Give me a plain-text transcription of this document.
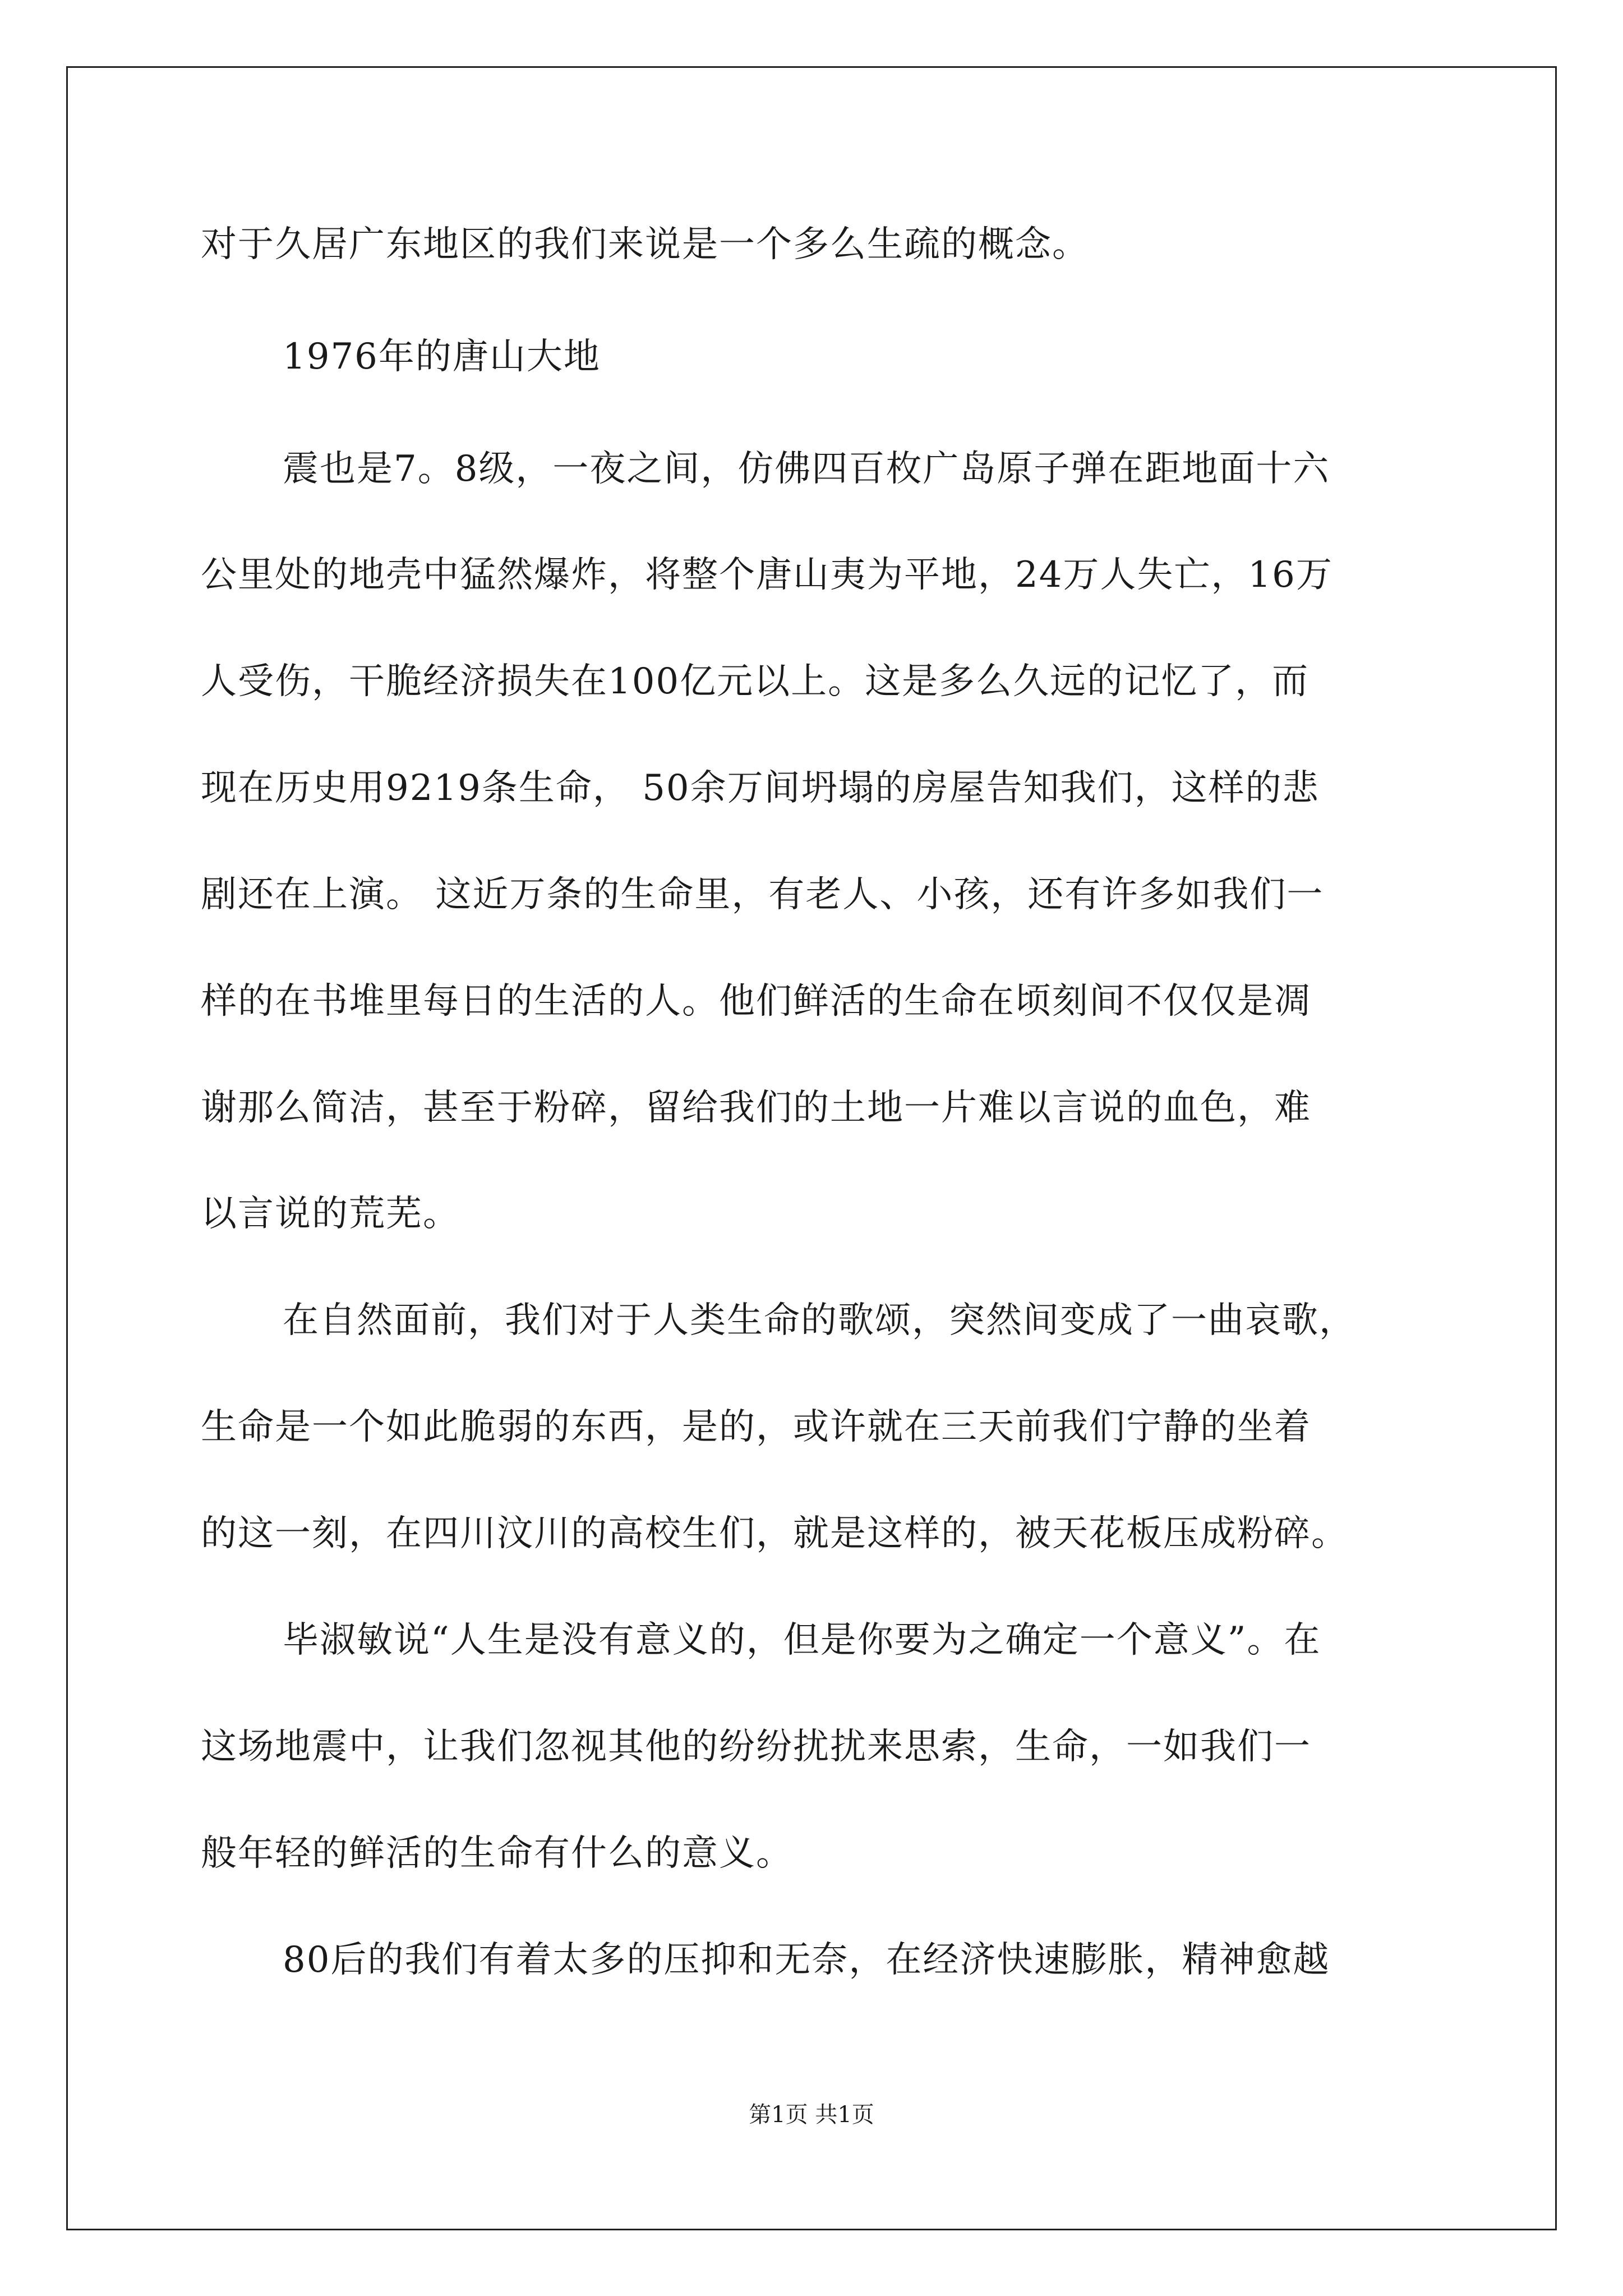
对于久居广东地区的我们来说是一个多么生疏的概念。
1976年的唐山大地
震也是7。8级，一夜之间，仿佛四百枚广岛原子弹在距地面十六
公里处的地壳中猛然爆炸，将整个唐山夷为平地，24万人失亡，16万
人受伤，干脆经济损失在100亿元以上。这是多么久远的记忆了，而
现在历史用9219条生命， 50余万间坍塌的房屋告知我们，这样的悲
剧还在上演。 这近万条的生命里，有老人、小孩，还有许多如我们一
样的在书堆里每日的生活的人。他们鲜活的生命在顷刻间不仅仅是凋
谢那么简洁，甚至于粉碎，留给我们的土地一片难以言说的血色，难
以言说的荒芜。
在自然面前，我们对于人类生命的歌颂，突然间变成了一曲哀歌，
生命是一个如此脆弱的东西，是的，或许就在三天前我们宁静的坐着
的这一刻，在四川汶川的高校生们，就是这样的，被天花板压成粉碎。
毕淑敏说“人生是没有意义的，但是你要为之确定一个意义”。在
这场地震中，让我们忽视其他的纷纷扰扰来思索，生命，一如我们一
般年轻的鲜活的生命有什么的意义。
80后的我们有着太多的压抑和无奈，在经济快速膨胀，精神愈越
第1页 共1页
